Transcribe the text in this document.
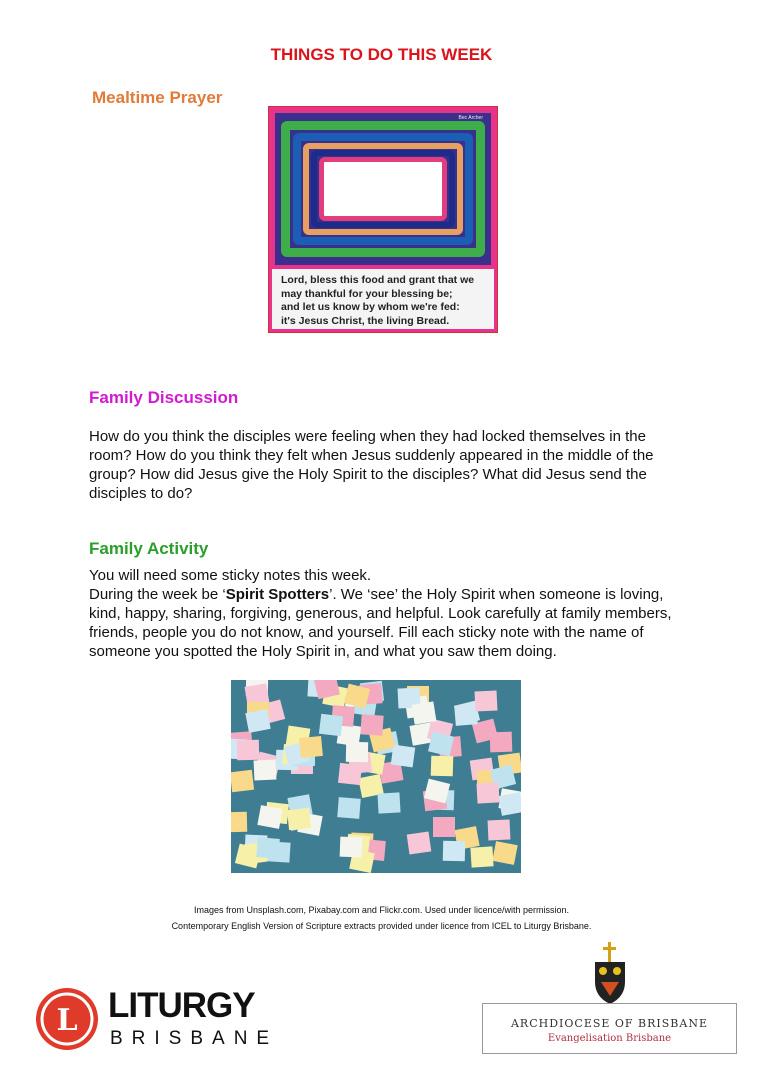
THINGS TO DO THIS WEEK
Mealtime Prayer
Bec Archer
Lord, bless this food and grant that we
may thankful for your blessing be;
and let us know by whom we're fed:
it's Jesus Christ, the living Bread.
Family Discussion
How do you think the disciples were feeling when they had locked themselves in the room? How do you think they felt when Jesus suddenly appeared in the middle of the group? How did Jesus give the Holy Spirit to the disciples? What did Jesus send the disciples to do?
Family Activity
You will need some sticky notes this week.
During the week be ‘Spirit Spotters’. We ‘see’ the Holy Spirit when someone is loving, kind, happy, sharing, forgiving, generous, and helpful. Look carefully at family members, friends, people you do not know, and yourself. Fill each sticky note with the name of someone you spotted the Holy Spirit in, and what you saw them doing.
Images from Unsplash.com, Pixabay.com and Flickr.com. Used under licence/with permission.
Contemporary English Version of Scripture extracts provided under licence from ICEL to Liturgy Brisbane.
L LITURGY
BRISBANE
ARCHDIOCESE OF BRISBANE
Evangelisation Brisbane
